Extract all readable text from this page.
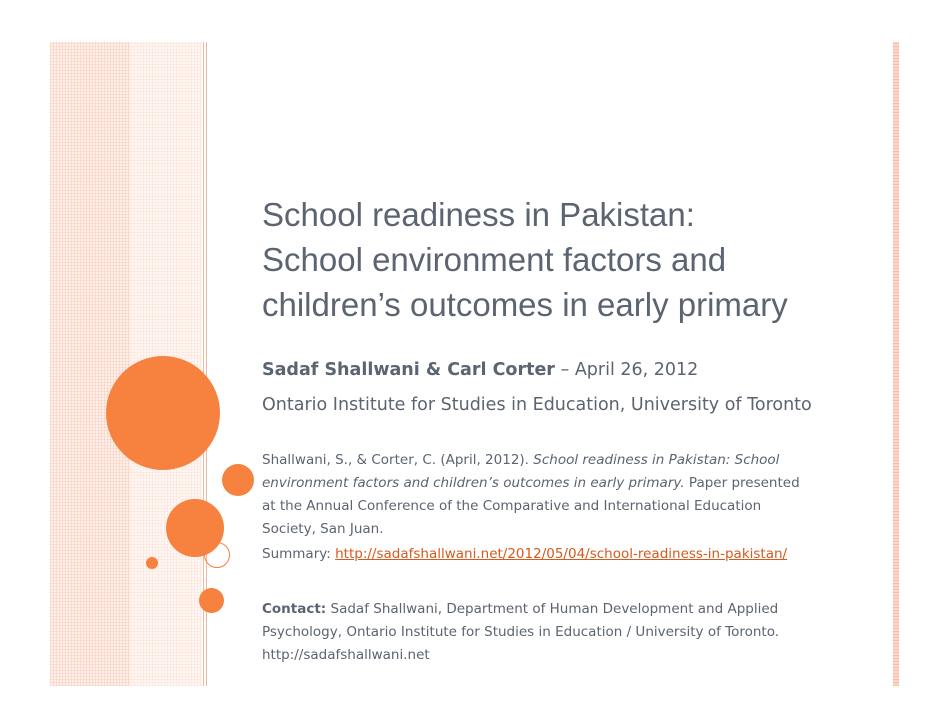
School readiness in Pakistan:
School environment factors and
children’s outcomes in early primary
Sadaf Shallwani & Carl Corter – April 26, 2012
Ontario Institute for Studies in Education, University of Toronto
Shallwani, S., & Corter, C. (April, 2012). School readiness in Pakistan: School
environment factors and children’s outcomes in early primary. Paper presented
at the Annual Conference of the Comparative and International Education
Society, San Juan.
Summary: http://sadafshallwani.net/2012/05/04/school-readiness-in-pakistan/
Contact: Sadaf Shallwani, Department of Human Development and Applied
Psychology, Ontario Institute for Studies in Education / University of Toronto.
http://sadafshallwani.net
